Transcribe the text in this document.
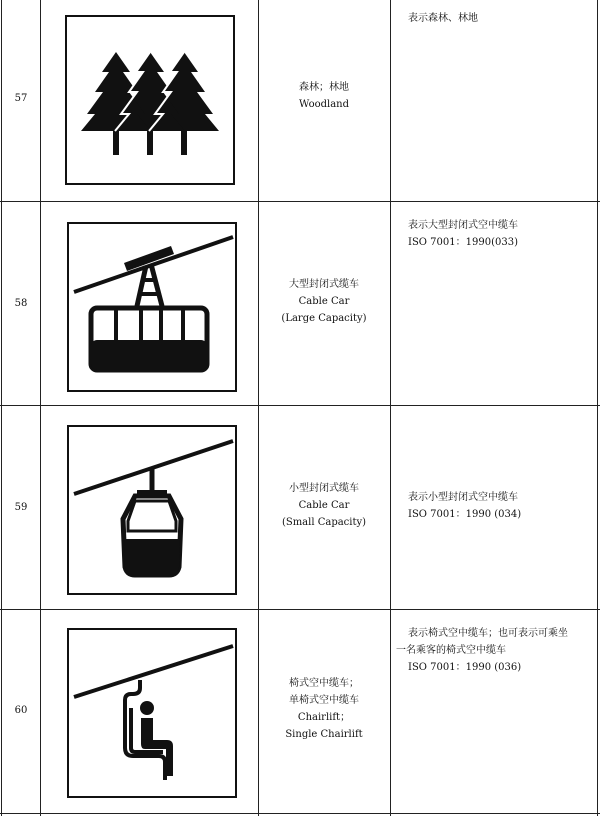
57
森林；林地
Woodland
表示森林、林地
58
大型封闭式缆车
Cable Car
(Large Capacity)
表示大型封闭式空中缆车
ISO 7001：1990(033)
59
小型封闭式缆车
Cable Car
(Small Capacity)
表示小型封闭式空中缆车
ISO 7001：1990 (034)
60
椅式空中缆车；
单椅式空中缆车
Chairlift；
Single Chairlift
表示椅式空中缆车；也可表示可乘坐
一名乘客的椅式空中缆车
ISO 7001：1990 (036)
